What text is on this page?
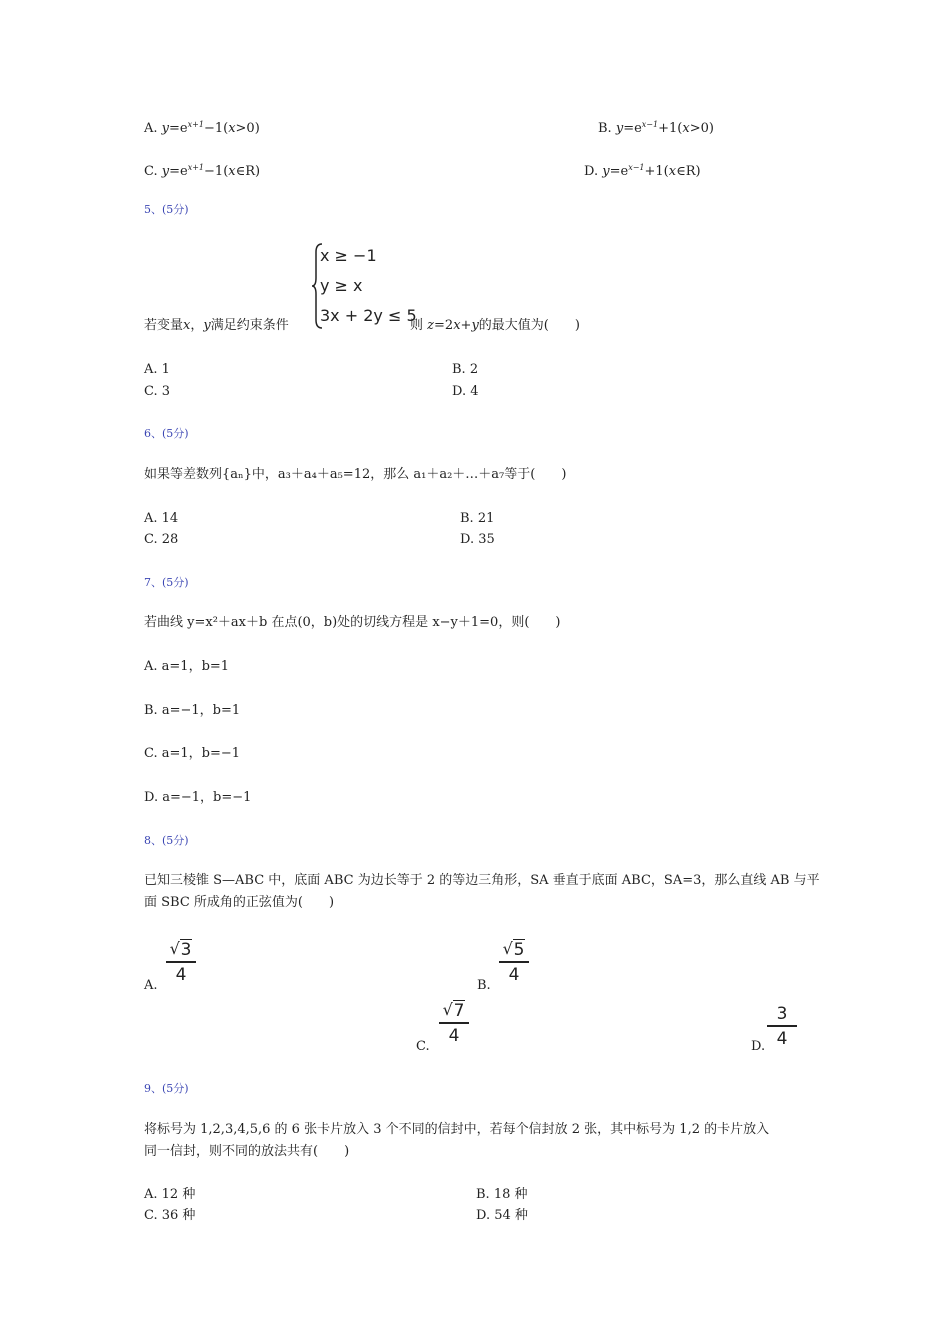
A. $y=e^{x+1}-1(x>0)$	B. $y=e^{x-1}+1(x>0)$
C. $y=e^{x+1}-1(x\in R)$	D. $y=e^{x-1}+1(x\in R)$
5、(5分)
x ≥ −1
y ≥ x
3x + 2y ≤ 5
若变量x，y满足约束条件	则 z=2x+y的最大值为(　　)
A. 1	B. 2
C. 3	D. 4
6、(5分)
如果等差数列{aₙ}中，a₃＋a₄＋a₅=12，那么 a₁＋a₂＋…＋a₇等于(　　)
A. 14	B. 21
C. 28	D. 35
7、(5分)
若曲线 y=x²＋ax＋b 在点(0，b)处的切线方程是 x−y＋1=0，则(　　)
A. a=1，b=1
B. a=−1，b=1
C. a=1，b=−1
D. a=−1，b=−1
8、(5分)
已知三棱锥 S—ABC 中，底面 ABC 为边长等于 2 的等边三角形，SA 垂直于底面 ABC，SA=3，那么直线 AB 与平
面 SBC 所成角的正弦值为(　　)
A.
√ 3
4
B.
√ 5
4
C.
√ 7
4
D.
3
4
9、(5分)
将标号为 1,2,3,4,5,6 的 6 张卡片放入 3 个不同的信封中，若每个信封放 2 张，其中标号为 1,2 的卡片放入
同一信封，则不同的放法共有(　　)
A. 12 种	B. 18 种
C. 36 种	D. 54 种
